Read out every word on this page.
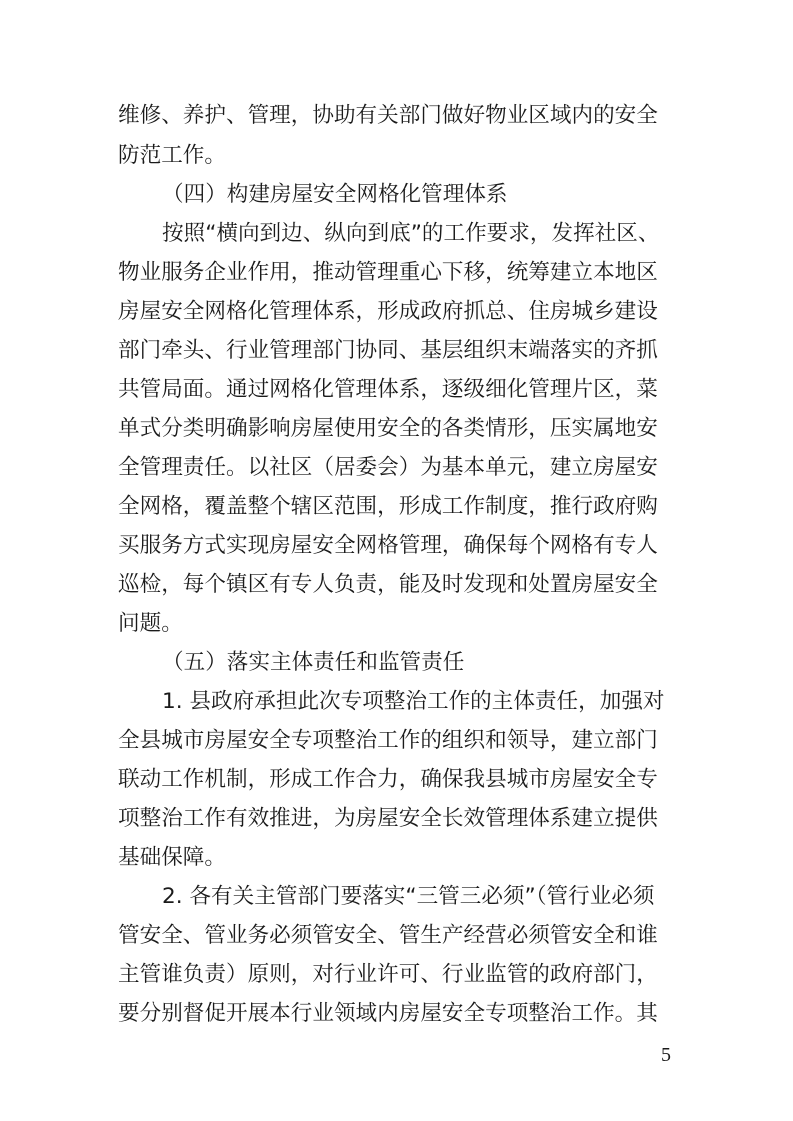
维修、养护、管理，协助有关部门做好物业区域内的安全
防范工作。
（四）构建房屋安全网格化管理体系
按照“横向到边、纵向到底”的工作要求，发挥社区、
物业服务企业作用，推动管理重心下移，统筹建立本地区
房屋安全网格化管理体系，形成政府抓总、住房城乡建设
部门牵头、行业管理部门协同、基层组织末端落实的齐抓
共管局面。通过网格化管理体系，逐级细化管理片区，菜
单式分类明确影响房屋使用安全的各类情形，压实属地安
全管理责任。以社区（居委会）为基本单元，建立房屋安
全网格，覆盖整个辖区范围，形成工作制度，推行政府购
买服务方式实现房屋安全网格管理，确保每个网格有专人
巡检，每个镇区有专人负责，能及时发现和处置房屋安全
问题。
（五）落实主体责任和监管责任
1. 县政府承担此次专项整治工作的主体责任，加强对
全县城市房屋安全专项整治工作的组织和领导，建立部门
联动工作机制，形成工作合力，确保我县城市房屋安全专
项整治工作有效推进，为房屋安全长效管理体系建立提供
基础保障。
2. 各有关主管部门要落实“三管三必须”（管行业必须
管安全、管业务必须管安全、管生产经营必须管安全和谁
主管谁负责）原则，对行业许可、行业监管的政府部门，
要分别督促开展本行业领域内房屋安全专项整治工作。其
5
